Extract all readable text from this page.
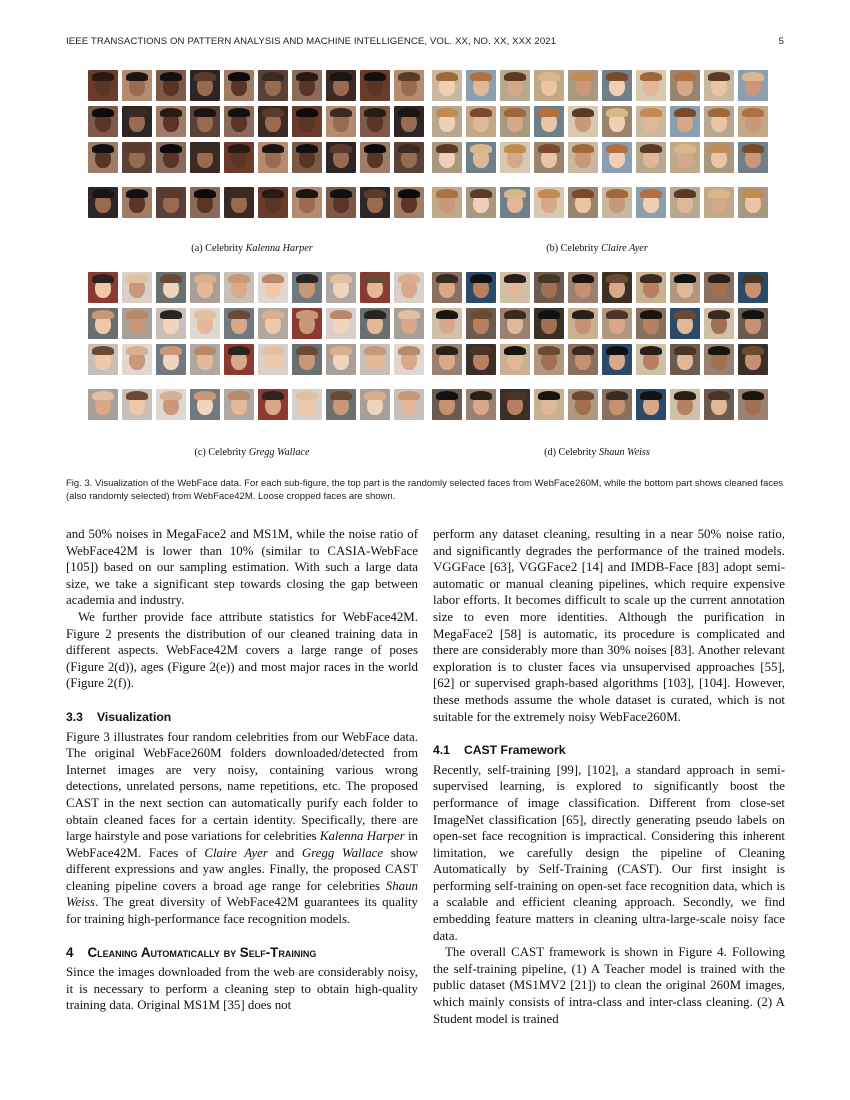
IEEE TRANSACTIONS ON PATTERN ANALYSIS AND MACHINE INTELLIGENCE, VOL. XX, NO. XX, XXX 2021	5
(a) Celebrity Kalenna Harper	(b) Celebrity Claire Ayer
(c) Celebrity Gregg Wallace	(d) Celebrity Shaun Weiss
Fig. 3. Visualization of the WebFace data. For each sub-figure, the top part is the randomly selected faces from WebFace260M, while the bottom part shows cleaned faces (also randomly selected) from WebFace42M. Loose cropped faces are shown.

and 50% noises in MegaFace2 and MS1M, while the noise ratio of WebFace42M is lower than 10% (similar to CASIA-WebFace [105]) based on our sampling estimation. With such a large data size, we take a significant step towards closing the gap between academia and industry.

We further provide face attribute statistics for WebFace42M. Figure 2 presents the distribution of our cleaned training data in different aspects. WebFace42M covers a large range of poses (Figure 2(d)), ages (Figure 2(e)) and most major races in the world (Figure 2(f)).

3.3 Visualization

Figure 3 illustrates four random celebrities from our WebFace data. The original WebFace260M folders downloaded/detected from Internet images are very noisy, containing various wrong detections, unrelated persons, name repetitions, etc. The proposed CAST in the next section can automatically purify each folder to obtain cleaned faces for a certain identity. Specifically, there are large hairstyle and pose variations for celebrities Kalenna Harper in WebFace42M. Faces of Claire Ayer and Gregg Wallace show different expressions and yaw angles. Finally, the proposed CAST cleaning pipeline covers a broad age range for celebrities Shaun Weiss. The great diversity of WebFace42M guarantees its quality for training high-performance face recognition models.

4 Cleaning Automatically by Self-Training

Since the images downloaded from the web are considerably noisy, it is necessary to perform a cleaning step to obtain high-quality training data. Original MS1M [35] does not

perform any dataset cleaning, resulting in a near 50% noise ratio, and significantly degrades the performance of the trained models. VGGFace [63], VGGFace2 [14] and IMDB-Face [83] adopt semi-automatic or manual cleaning pipelines, which require expensive labor efforts. It becomes difficult to scale up the current annotation size to even more identities. Although the purification in MegaFace2 [58] is automatic, its procedure is complicated and there are considerably more than 30% noises [83]. Another relevant exploration is to cluster faces via unsupervised approaches [55], [62] or supervised graph-based algorithms [103], [104]. However, these methods assume the whole dataset is curated, which is not suitable for the extremely noisy WebFace260M.

4.1 CAST Framework

Recently, self-training [99], [102], a standard approach in semi-supervised learning, is explored to significantly boost the performance of image classification. Different from close-set ImageNet classification [65], directly generating pseudo labels on open-set face recognition is impractical. Considering this inherent limitation, we carefully design the pipeline of Cleaning Automatically by Self-Training (CAST). Our first insight is performing self-training on open-set face recognition data, which is a scalable and efficient cleaning approach. Secondly, we find embedding feature matters in cleaning ultra-large-scale noisy face data.

The overall CAST framework is shown in Figure 4. Following the self-training pipeline, (1) A Teacher model is trained with the public dataset (MS1MV2 [21]) to clean the original 260M images, which mainly consists of intra-class and inter-class cleaning. (2) A Student model is trained
